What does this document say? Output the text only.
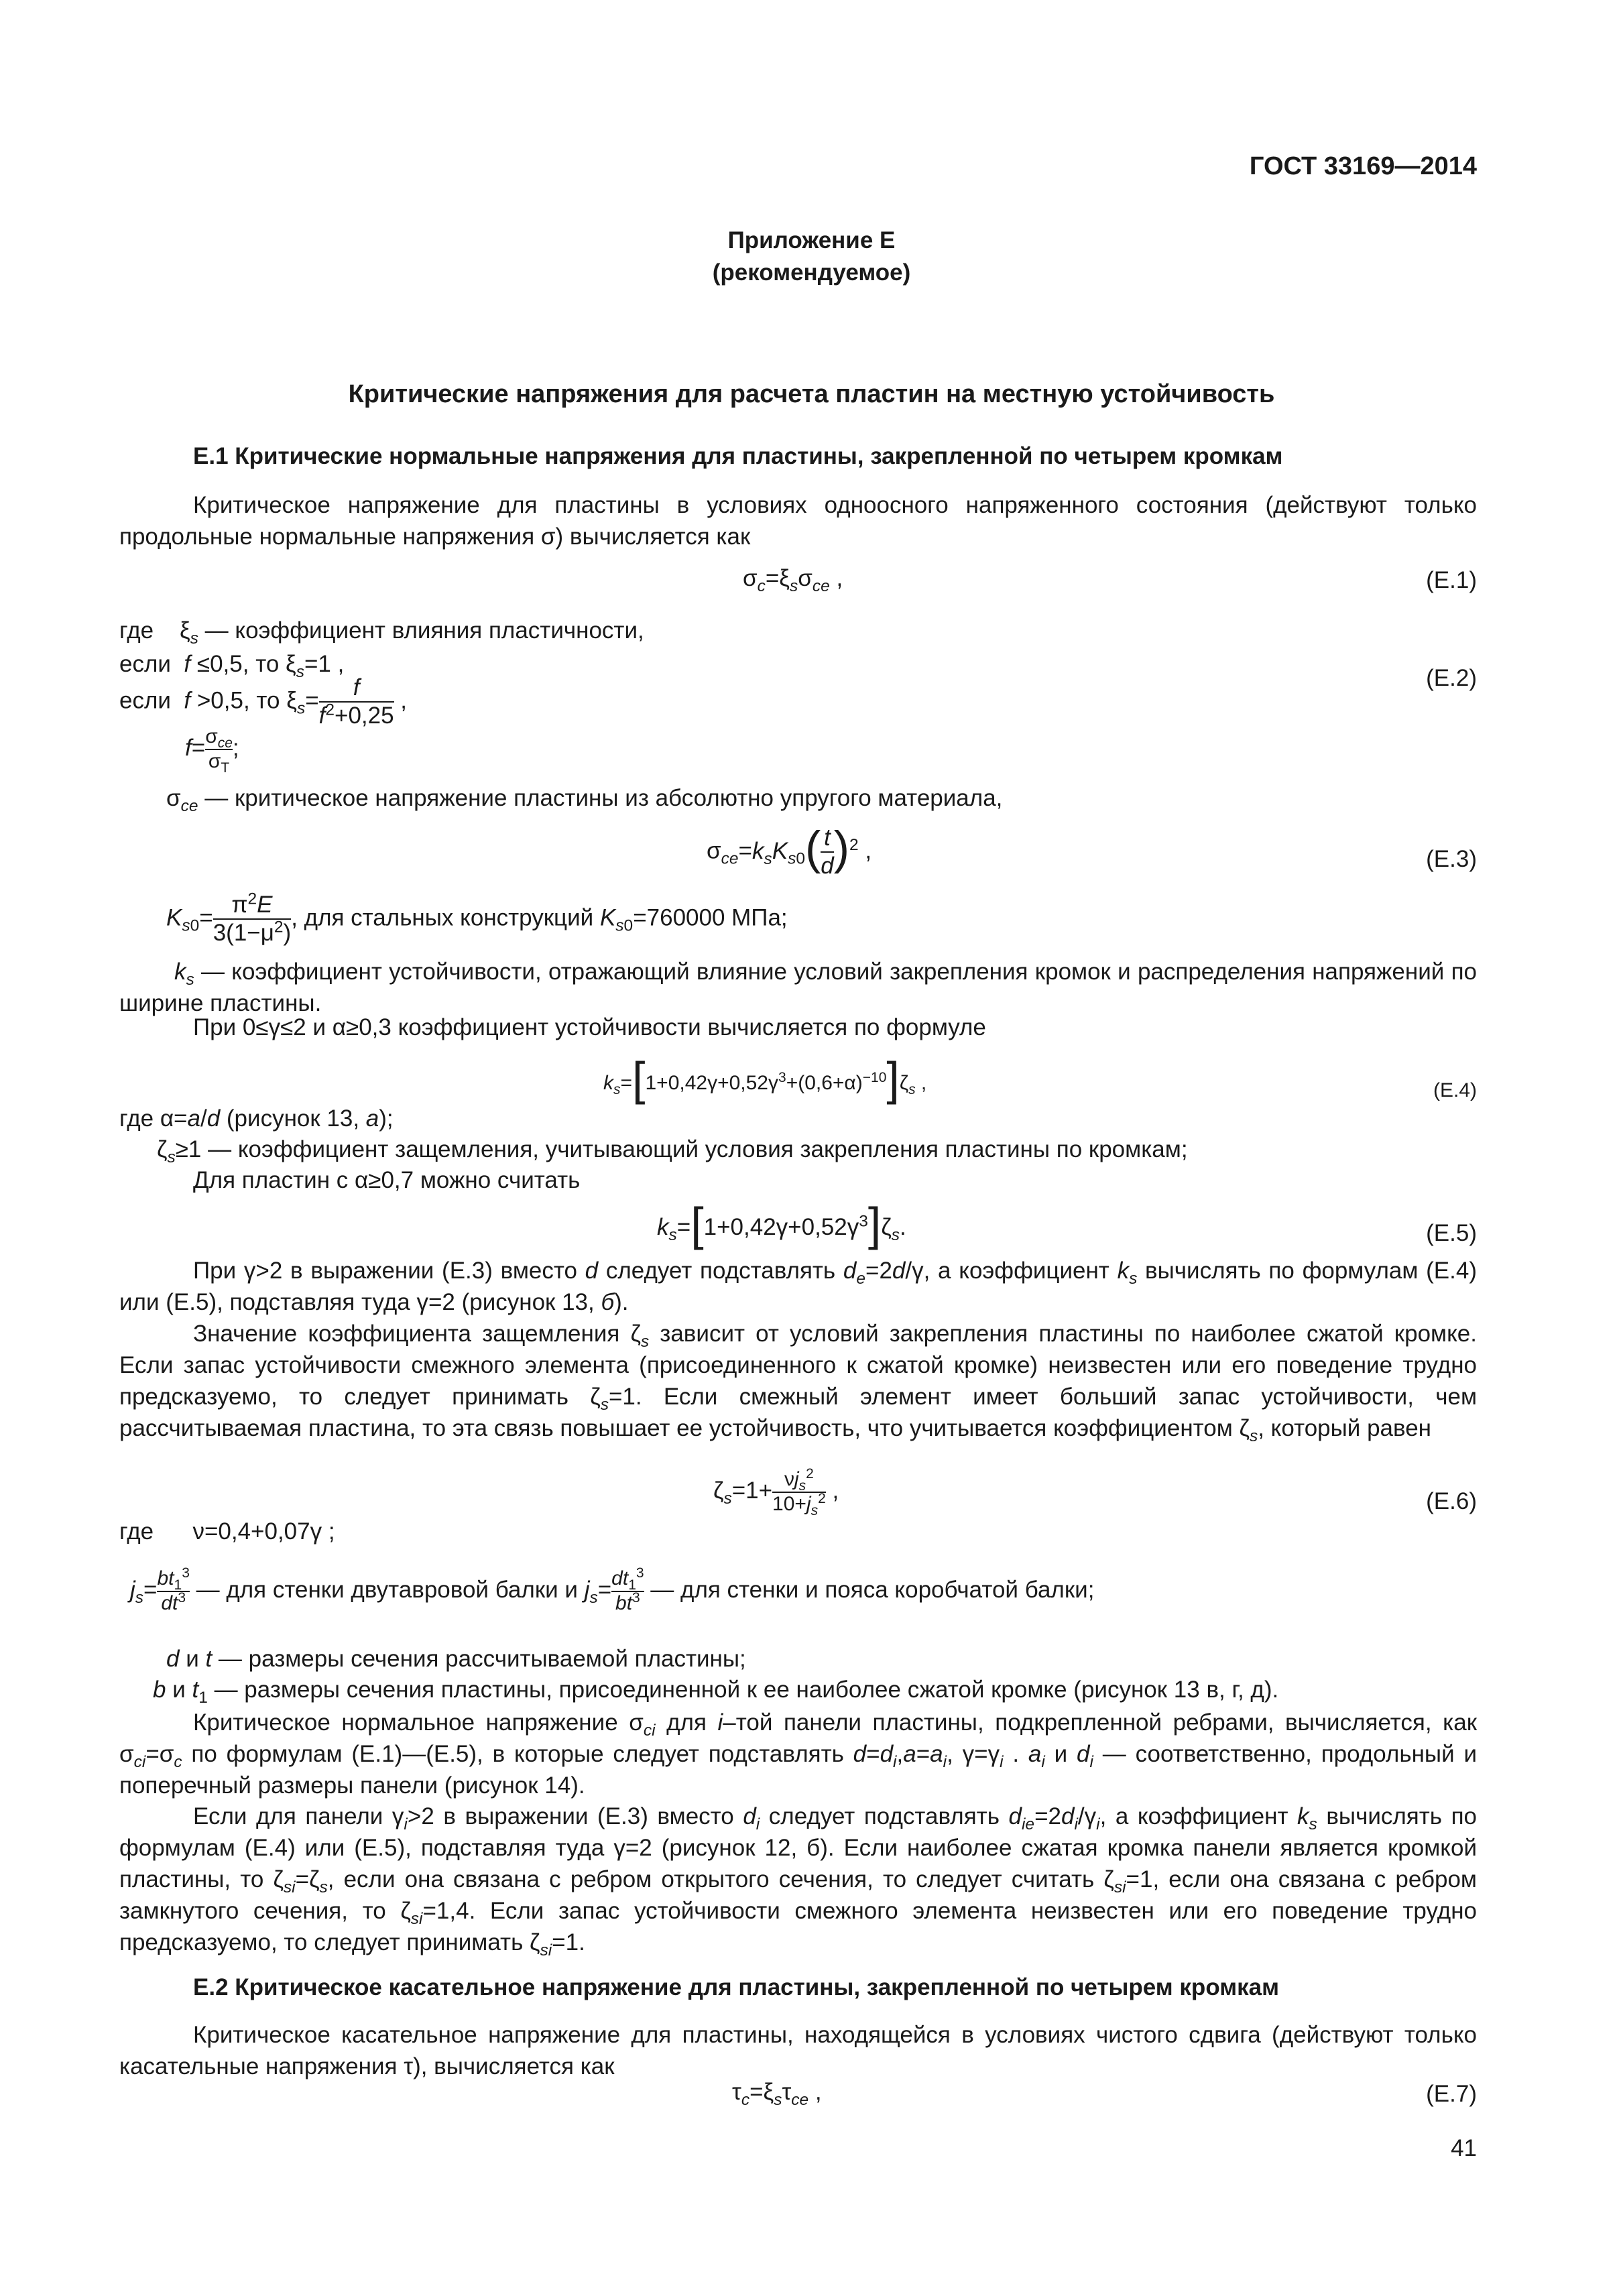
ГОСТ 33169—2014
Приложение Е
(рекомендуемое)
Критические напряжения для расчета пластин на местную устойчивость
Е.1 Критические нормальные напряжения для пластины, закрепленной по четырем кромкам
Критическое напряжение для пластины в условиях одноосного напряженного состояния (действуют только продольные нормальные напряжения σ) вычисляется как
$\sigma_c=\xi_s\sigma_{ce}$ ,	(Е.1)
где    $\xi_s$ — коэффициент влияния пластичности,
если f ≤0,5, то $\xi_s=1$ ,
если f >0,5, то $\xi_s= \frac{f}{f^2+0,25}$ ,
(Е.2)
$f= \frac{\sigma_{ce}}{\sigma_T}$ ;
$\sigma_{ce}$ — критическое напряжение пластины из абсолютно упругого материала,
$\sigma_{ce}=k_sK_{s0}( \frac{t}{d} )^2$ ,	(Е.3)
$K_{s0}= \frac{\pi^2E}{3(1-\mu^2)}$ , для стальных конструкций $K_{s0}=760000$ МПа;
$k_s$ — коэффициент устойчивости, отражающий влияние условий закрепления кромок и распределения напряжений по ширине пластины.
При 0≤γ≤2 и α≥0,3 коэффициент устойчивости вычисляется по формуле
$k_s=[1+0,42\gamma+0,52\gamma^3+(0,6+\alpha)^{-10}]\zeta_s$ ,	(Е.4)
где α=a/d (рисунок 13, а);
$\zeta_s\ge 1$ — коэффициент защемления, учитывающий условия закрепления пластины по кромкам;
Для пластин с α≥0,7 можно считать
$k_s=[1+0,42\gamma+0,52\gamma^3]\zeta_s$.	(Е.5)
При γ>2 в выражении (Е.3) вместо d следует подставлять $d_e=2d/\gamma$, а коэффициент $k_s$ вычислять по формулам (Е.4) или (Е.5), подставляя туда γ=2 (рисунок 13, б).
Значение коэффициента защемления $\zeta_s$ зависит от условий закрепления пластины по наиболее сжатой кромке. Если запас устойчивости смежного элемента (присоединенного к сжатой кромке) неизвестен или его поведение трудно предсказуемо, то следует принимать $\zeta_s=1$. Если смежный элемент имеет больший запас устойчивости, чем рассчитываемая пластина, то эта связь повышает ее устойчивость, что учитывается коэффициентом $\zeta_s$, который равен
$\zeta_s=1+ \frac{\nu j_s^2}{10+j_s^2}$ ,	(Е.6)
где      ν=0,4+0,07γ ;
$j_s= \frac{bt_1^3}{dt^3}$ — для стенки двутавровой балки и $j_s= \frac{dt_1^3}{bt^3}$ — для стенки и пояса коробчатой балки;
d и t — размеры сечения рассчитываемой пластины;
b и $t_1$ — размеры сечения пластины, присоединенной к ее наиболее сжатой кромке (рисунок 13 в, г, д).
Критическое нормальное напряжение $\sigma_{ci}$ для i–той панели пластины, подкрепленной ребрами, вычисляется, как $\sigma_{ci}=\sigma_c$ по формулам (Е.1)—(Е.5), в которые следует подставлять $d=d_i,a=a_i$, $\gamma=\gamma_i$ . $a_i$ и $d_i$ — соответственно, продольный и поперечный размеры панели (рисунок 14).
Если для панели $\gamma_i>2$ в выражении (Е.3) вместо $d_i$ следует подставлять $d_{ie}=2d_i/\gamma_i$, а коэффициент $k_s$ вычислять по формулам (Е.4) или (Е.5), подставляя туда γ=2 (рисунок 12, б). Если наиболее сжатая кромка панели является кромкой пластины, то $\zeta_{si}=\zeta_s$, если она связана с ребром открытого сечения, то следует считать $\zeta_{si}=1$, если она связана с ребром замкнутого сечения, то $\zeta_{si}=1,4$. Если запас устойчивости смежного элемента неизвестен или его поведение трудно предсказуемо, то следует принимать $\zeta_{si}=1$.
Е.2 Критическое касательное напряжение для пластины, закрепленной по четырем кромкам
Критическое касательное напряжение для пластины, находящейся в условиях чистого сдвига (действуют только касательные напряжения τ), вычисляется как
$\tau_c=\xi_s\tau_{ce}$ ,	(Е.7)
41
